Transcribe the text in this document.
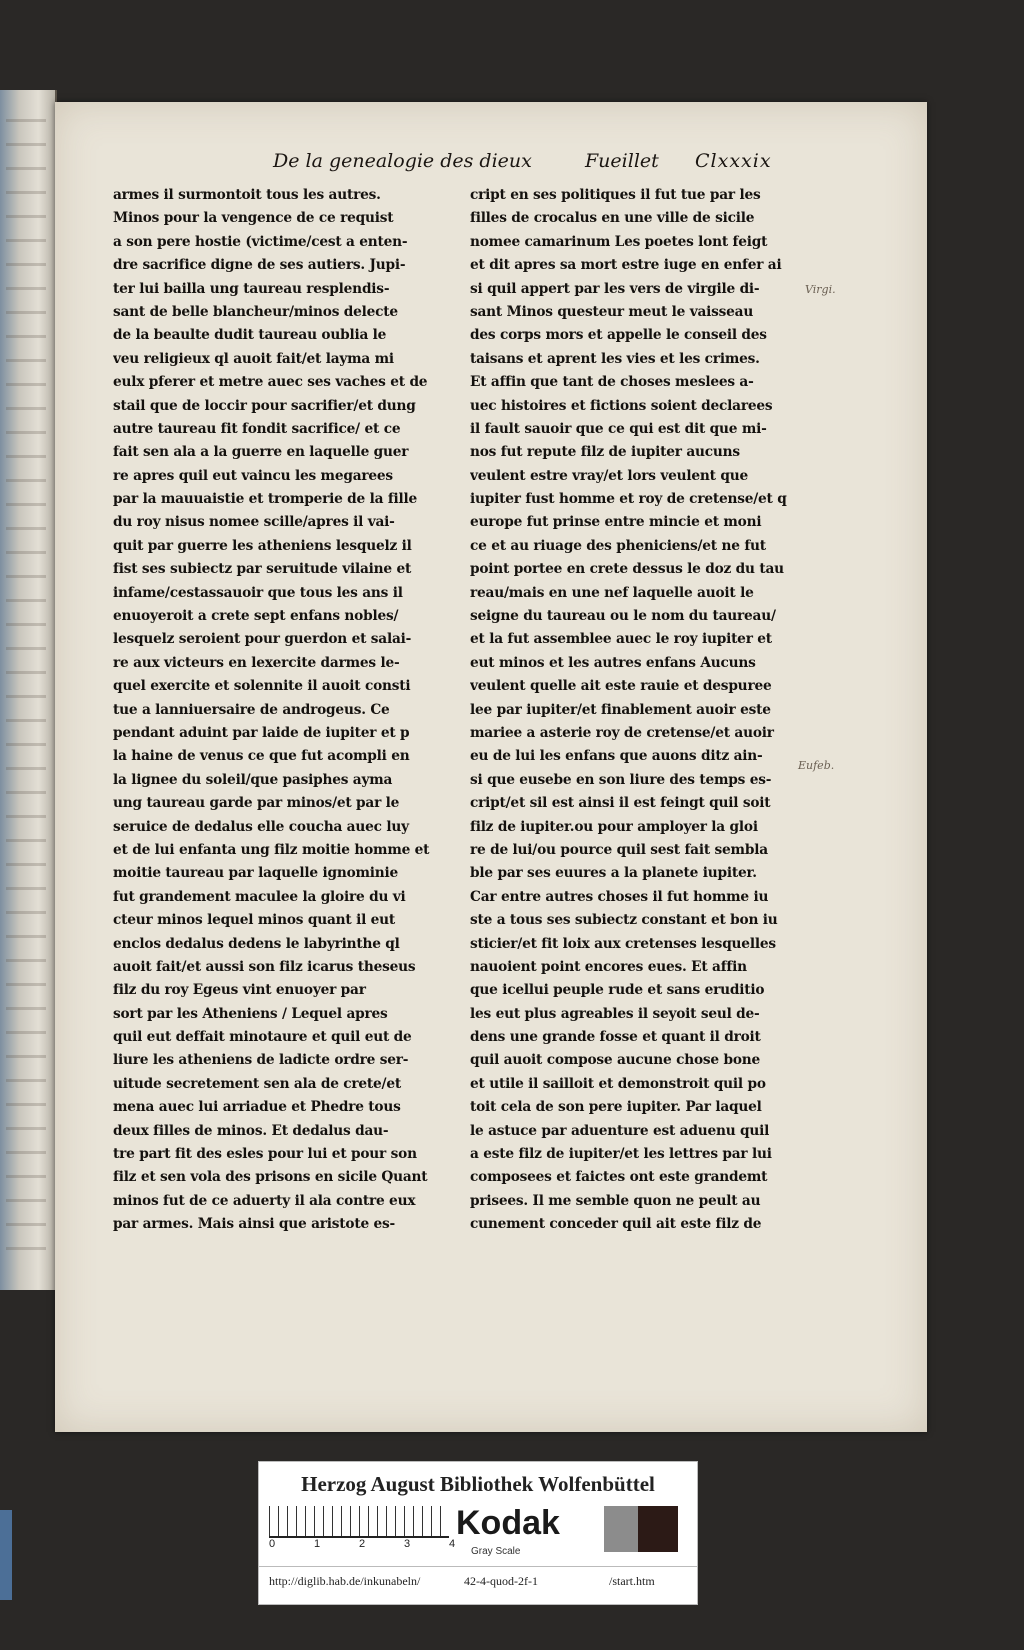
De la genealogie des dieux	Fueillet Clxxxix
armes il surmontoit tous les autres.
Minos pour la vengence de ce requist
a son pere hostie (victime/cest a enten-
dre sacrifice digne de ses autiers. Jupi-
ter lui bailla ung taureau resplendis-
sant de belle blancheur/minos delecte
de la beaulte dudit taureau oublia le
veu religieux ql auoit fait/et layma mi
eulx pferer et metre auec ses vaches et de
stail que de loccir pour sacrifier/et dung
autre taureau fit fondit sacrifice/ et ce
fait sen ala a la guerre en laquelle guer
re apres quil eut vaincu les megarees
par la mauuaistie et tromperie de la fille
du roy nisus nomee scille/apres il vai-
quit par guerre les atheniens lesquelz il
fist ses subiectz par seruitude vilaine et
infame/cestassauoir que tous les ans il
enuoyeroit a crete sept enfans nobles/
lesquelz seroient pour guerdon et salai-
re aux victeurs en lexercite darmes le-
quel exercite et solennite il auoit consti
tue a lanniuersaire de androgeus. Ce
pendant aduint par laide de iupiter et p
la haine de venus ce que fut acompli en
la lignee du soleil/que pasiphes ayma
ung taureau garde par minos/et par le
seruice de dedalus elle coucha auec luy
et de lui enfanta ung filz moitie homme et
moitie taureau par laquelle ignominie
fut grandement maculee la gloire du vi
cteur minos lequel minos quant il eut
enclos dedalus dedens le labyrinthe ql
auoit fait/et aussi son filz icarus theseus
filz du roy Egeus vint enuoyer par
sort par les Atheniens / Lequel apres
quil eut deffait minotaure et quil eut de
liure les atheniens de ladicte ordre ser-
uitude secretement sen ala de crete/et
mena auec lui arriadue et Phedre tous
deux filles de minos. Et dedalus dau-
tre part fit des esles pour lui et pour son
filz et sen vola des prisons en sicile Quant
minos fut de ce aduerty il ala contre eux
par armes. Mais ainsi que aristote es-
cript en ses politiques il fut tue par les
filles de crocalus en une ville de sicile
nomee camarinum Les poetes lont feigt
et dit apres sa mort estre iuge en enfer ai
si quil appert par les vers de virgile di-
sant Minos questeur meut le vaisseau
des corps mors et appelle le conseil des
taisans et aprent les vies et les crimes.
Et affin que tant de choses meslees a-
uec histoires et fictions soient declarees
il fault sauoir que ce qui est dit que mi-
nos fut repute filz de iupiter aucuns
veulent estre vray/et lors veulent que
iupiter fust homme et roy de cretense/et q
europe fut prinse entre mincie et moni
ce et au riuage des pheniciens/et ne fut
point portee en crete dessus le doz du tau
reau/mais en une nef laquelle auoit le
seigne du taureau ou le nom du taureau/
et la fut assemblee auec le roy iupiter et
eut minos et les autres enfans Aucuns
veulent quelle ait este rauie et despuree
lee par iupiter/et finablement auoir este
mariee a asterie roy de cretense/et auoir
eu de lui les enfans que auons ditz ain-
si que eusebe en son liure des temps es-
cript/et sil est ainsi il est feingt quil soit
filz de iupiter.ou pour amployer la gloi
re de lui/ou pource quil sest fait sembla
ble par ses euures a la planete iupiter.
Car entre autres choses il fut homme iu
ste a tous ses subiectz constant et bon iu
sticier/et fit loix aux cretenses lesquelles
nauoient point encores eues. Et affin
que icellui peuple rude et sans eruditio
les eut plus agreables il seyoit seul de-
dens une grande fosse et quant il droit
quil auoit compose aucune chose bone
et utile il sailloit et demonstroit quil po
toit cela de son pere iupiter. Par laquel
le astuce par aduenture est aduenu quil
a este filz de iupiter/et les lettres par lui
composees et faictes ont este grandemt
prisees. Il me semble quon ne peult au
cunement conceder quil ait este filz de
Virgi.
Eufeb.
Herzog August Bibliothek Wolfenbüttel
0	1	2	3	4
Kodak
Gray Scale
http://diglib.hab.de/inkunabeln/	42-4-quod-2f-1	/start.htm
